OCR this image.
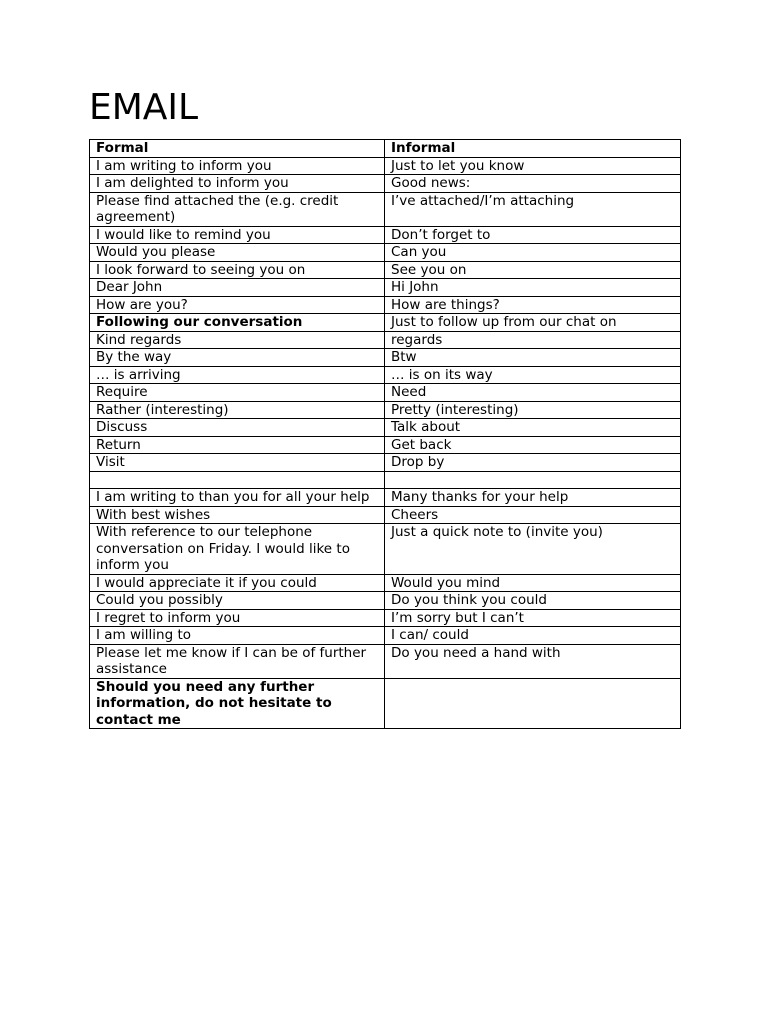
EMAIL
Formal	Informal
I am writing to inform you	Just to let you know
I am delighted to inform you	Good news:
Please find attached the (e.g. credit agreement)	I’ve attached/I’m attaching
I would like to remind you	Don’t forget to
Would you please	Can you
I look forward to seeing you on	See you on
Dear John	Hi John
How are you?	How are things?
Following our conversation	Just to follow up from our chat on
Kind regards	regards
By the way	Btw
… is arriving	… is on its way
Require	Need
Rather (interesting)	Pretty (interesting)
Discuss	Talk about
Return	Get back
Visit	Drop by

I am writing to than you for all your help	Many thanks for your help
With best wishes	Cheers
With reference to our telephone conversation on Friday. I would like to inform you	Just a quick note to (invite you)
I would appreciate it if you could	Would you mind
Could you possibly	Do you think you could
I regret to inform you	I’m sorry but I can’t
I am willing to	I can/ could
Please let me know if I can be of further assistance	Do you need a hand with
Should you need any further information, do not hesitate to contact me	
